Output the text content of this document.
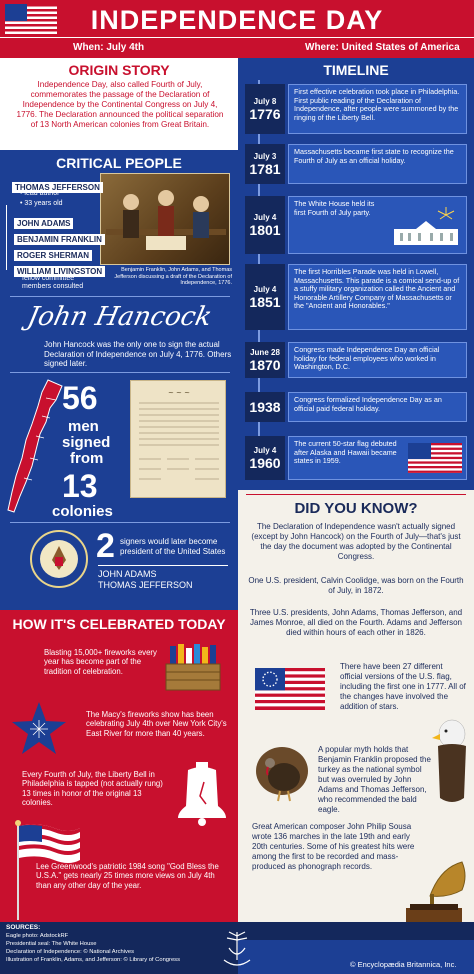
INDEPENDENCE DAY
When: July 4th	Where: United States of America
ORIGIN STORY
Independence Day, also called Fourth of July, commemorates the passage of the Declaration of Independence by the Continental Congress on July 4, 1776. The Declaration announced the political separation of 13 North American colonies from Great Britain.
CRITICAL PEOPLE
THOMAS JEFFERSON
• lead author
• 33 years old
JOHN ADAMS
BENJAMIN FRANKLIN
ROGER SHERMAN
WILLIAM LIVINGSTON
fellow committee members consulted
Benjamin Franklin, John Adams, and Thomas Jefferson discussing a draft of the Declaration of Independence, 1776.
John Hancock
John Hancock was the only one to sign the actual Declaration of Independence on July 4, 1776. Others signed later.
56
men
signed
from
13
colonies
~ ~ ~
2 signers would later become president of the United States
JOHN ADAMS
THOMAS JEFFERSON
TIMELINE
July 8
1776
First effective celebration took place in Philadelphia. First public reading of the Declaration of Independence, after people were summoned by the ringing of the Liberty Bell.
July 3
1781
Massachusetts became first state to recognize the Fourth of July as an official holiday.
July 4
1801
The White House held its first Fourth of July party.
July 4
1851
The first Horribles Parade was held in Lowell, Massachusetts. This parade is a comical send-up of a stuffy military organization called the Ancient and Honorable Artillery Company of Massachusetts or the "Ancient and Honorables."
June 28
1870
Congress made Independence Day an official holiday for federal employees who worked in Washington, D.C.
1938	Congress formalized Independence Day as an official paid federal holiday.
July 4
1960
The current 50-star flag debuted after Alaska and Hawaii became states in 1959.
DID YOU KNOW?
The Declaration of Independence wasn't actually signed (except by John Hancock) on the Fourth of July—that's just the day the document was adopted by the Continental Congress.
One U.S. president, Calvin Coolidge, was born on the Fourth of July, in 1872.
Three U.S. presidents, John Adams, Thomas Jefferson, and James Monroe, all died on the Fourth. Adams and Jefferson died within hours of each other in 1826.
There have been 27 different official versions of the U.S. flag, including the first one in 1777. All of the changes have involved the addition of stars.
A popular myth holds that Benjamin Franklin proposed the turkey as the national symbol but was overruled by John Adams and Thomas Jefferson, who recommended the bald eagle.
Great American composer John Philip Sousa wrote 136 marches in the late 19th and early 20th centuries. Some of his greatest hits were among the first to be recorded and mass-produced as phonograph records.
HOW IT'S CELEBRATED TODAY
Blasting 15,000+ fireworks every year has become part of the tradition of celebration.
The Macy's fireworks show has been celebrating July 4th over New York City's East River for more than 40 years.
Every Fourth of July, the Liberty Bell in Philadelphia is tapped (not actually rung) 13 times in honor of the original 13 colonies.
Lee Greenwood's patriotic 1984 song "God Bless the U.S.A." gets nearly 25 times more views on July 4th than any other day of the year.
SOURCES:
Eagle photo: AdstockRF
Presidential seal: The White House
Declaration of Independence: © National Archives
Illustration of Franklin, Adams, and Jefferson: © Library of Congress	© Encyclopædia Britannica, Inc.
